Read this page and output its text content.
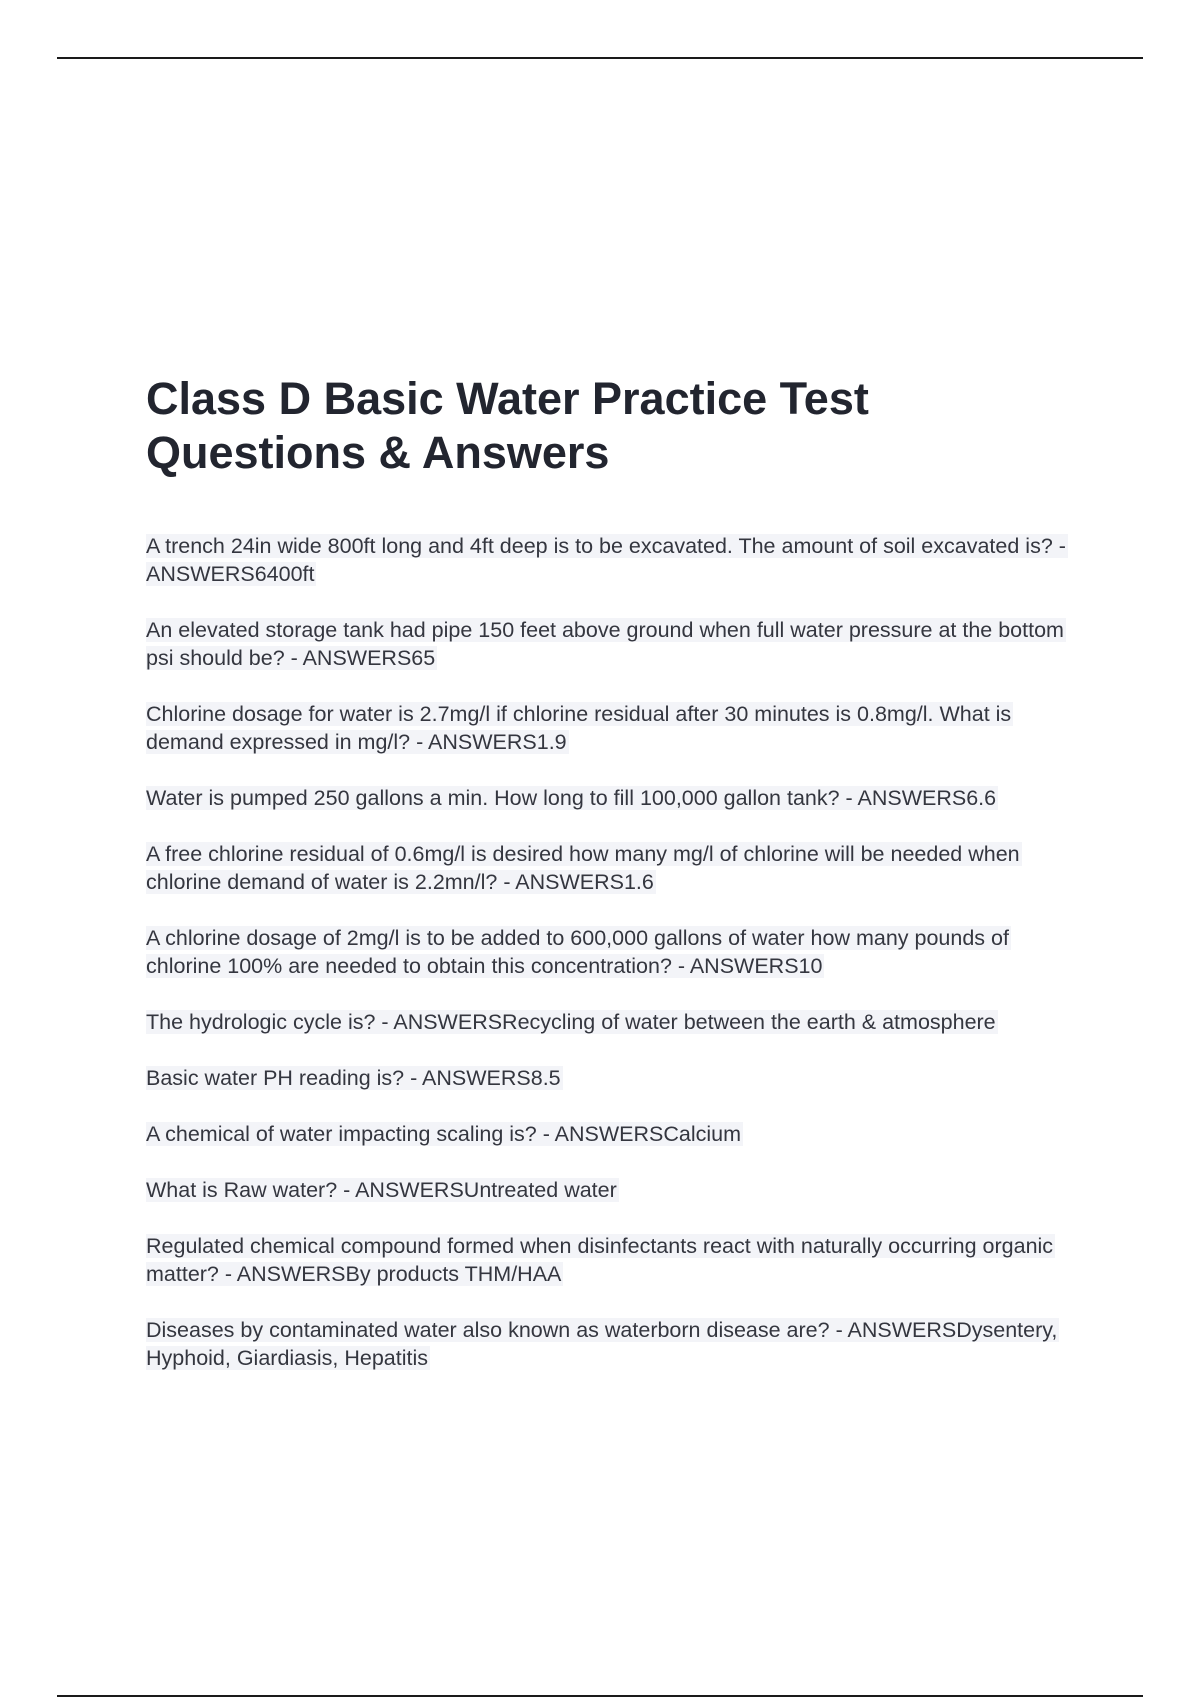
Class D Basic Water Practice Test Questions & Answers
A trench 24in wide 800ft long and 4ft deep is to be excavated. The amount of soil excavated is? - ANSWERS6400ft
An elevated storage tank had pipe 150 feet above ground when full water pressure at the bottom psi should be? - ANSWERS65
Chlorine dosage for water is 2.7mg/l if chlorine residual after 30 minutes is 0.8mg/l. What is demand expressed in mg/l? - ANSWERS1.9
Water is pumped 250 gallons a min. How long to fill 100,000 gallon tank? - ANSWERS6.6
A free chlorine residual of 0.6mg/l is desired how many mg/l of chlorine will be needed when chlorine demand of water is 2.2mn/l? - ANSWERS1.6
A chlorine dosage of 2mg/l is to be added to 600,000 gallons of water how many pounds of chlorine 100% are needed to obtain this concentration? - ANSWERS10
The hydrologic cycle is? - ANSWERSRecycling of water between the earth & atmosphere
Basic water PH reading is? - ANSWERS8.5
A chemical of water impacting scaling is? - ANSWERSCalcium
What is Raw water? - ANSWERSUntreated water
Regulated chemical compound formed when disinfectants react with naturally occurring organic matter? - ANSWERSBy products THM/HAA
Diseases by contaminated water also known as waterborn disease are? - ANSWERSDysentery, Hyphoid, Giardiasis, Hepatitis
